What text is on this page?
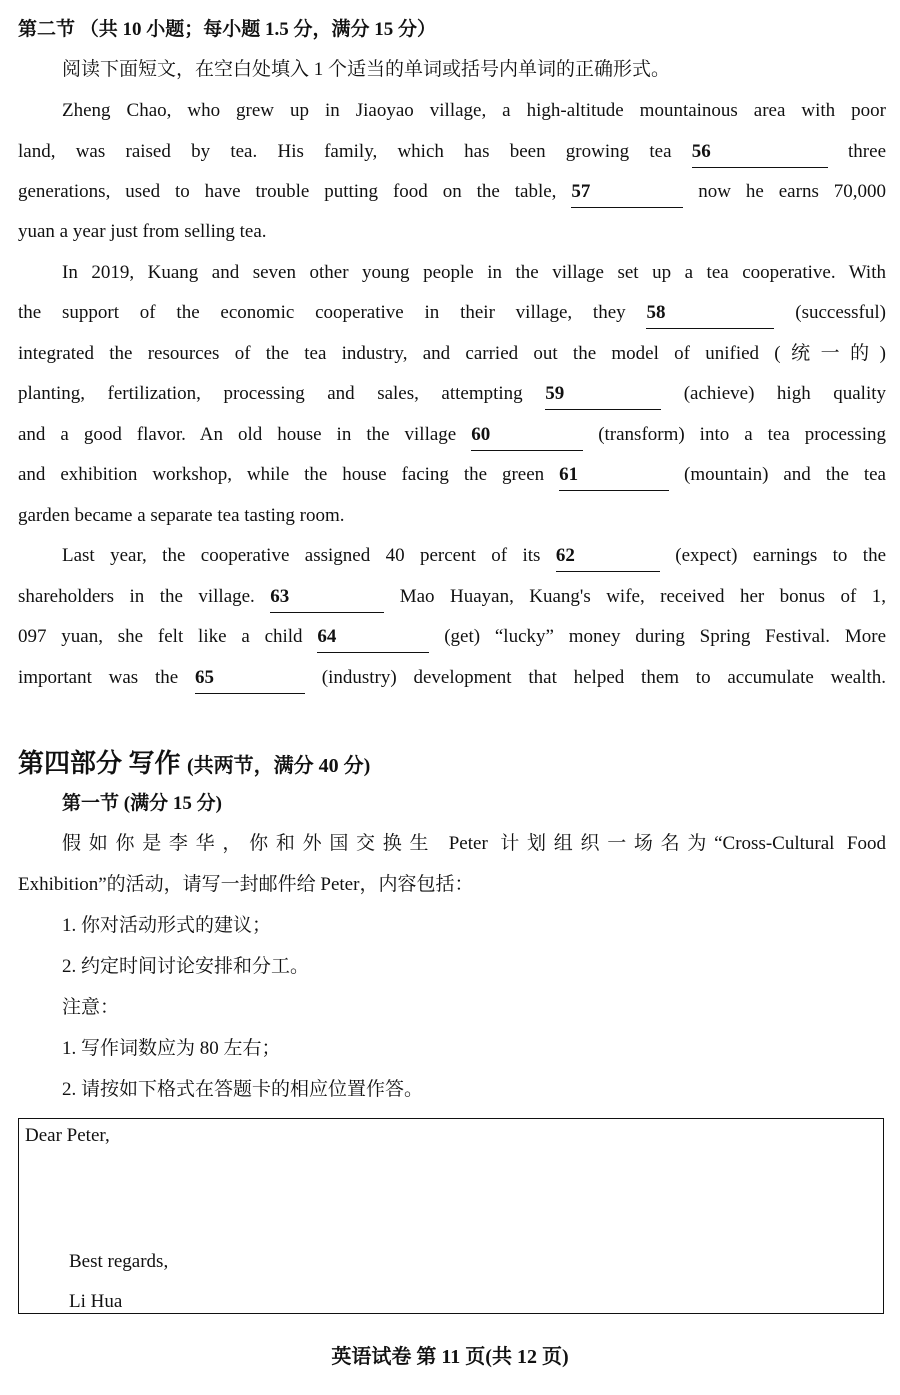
第二节 （共 10 小题；每小题 1.5 分，满分 15 分）
阅读下面短文，在空白处填入 1 个适当的单词或括号内单词的正确形式。
Zheng Chao, who grew up in Jiaoyao village, a high-altitude mountainous area with poor
land, was raised by tea. His family, which has been growing tea 56	three
generations, used to have trouble putting food on the table, 57	now he earns 70,000
yuan a year just from selling tea.
In 2019, Kuang and seven other young people in the village set up a tea cooperative. With
the support of the economic cooperative in their village, they 58	(successful)
integrated the resources of the tea industry, and carried out the model of unified (统一的)
planting, fertilization, processing and sales, attempting 59	(achieve) high quality
and a good flavor. An old house in the village 60	(transform) into a tea processing
and exhibition workshop, while the house facing the green 61	(mountain) and the tea
garden became a separate tea tasting room.
Last year, the cooperative assigned 40 percent of its 62	(expect) earnings to the
shareholders in the village. 63	Mao Huayan, Kuang's wife, received her bonus of 1,
097 yuan, she felt like a child 64	(get) “lucky” money during Spring Festival. More
important was the 65	(industry) development that helped them to accumulate wealth.
第四部分 写作 (共两节，满分 40 分)
第一节 (满分 15 分)
假如你是李华，你和外国交换生 Peter 计划组织一场名为“Cross-Cultural Food
Exhibition”的活动，请写一封邮件给 Peter，内容包括：
1. 你对活动形式的建议；
2. 约定时间讨论安排和分工。
注意：
1. 写作词数应为 80 左右；
2. 请按如下格式在答题卡的相应位置作答。
Dear Peter,
Best regards,
Li Hua
英语试卷 第 11 页(共 12 页)
